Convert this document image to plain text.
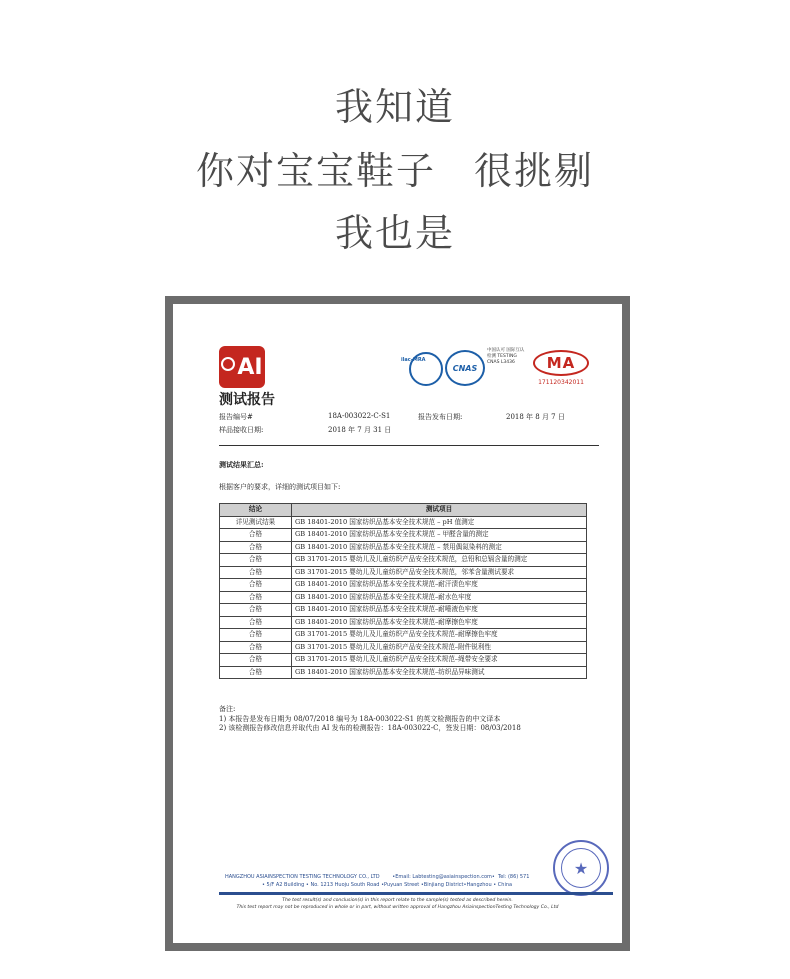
我知道
你对宝宝鞋子 很挑剔
我也是
AI
测试报告
ilac-MRA
CNAS
中国认可 国际互认 检测 TESTING CNAS L3436	MA
171120342011
报告编号#	18A-003022-C-S1	报告发布日期:	2018 年 8 月 7 日
样品接收日期:	2018 年 7 月 31 日
测试结果汇总:
根据客户的要求，详细的测试项目如下:
结论	测试项目
详见测试结果	GB 18401-2010 国家纺织品基本安全技术规范 – pH 值测定
合格	GB 18401-2010 国家纺织品基本安全技术规范 – 甲醛含量的测定
合格	GB 18401-2010 国家纺织品基本安全技术规范 – 禁用偶氮染料的测定
合格	GB 31701-2015 婴幼儿及儿童纺织产品安全技术规范，总铅和总镉含量的测定
合格	GB 31701-2015 婴幼儿及儿童纺织产品安全技术规范，邻苯含量测试要求
合格	GB 18401-2010 国家纺织品基本安全技术规范–耐汗渍色牢度
合格	GB 18401-2010 国家纺织品基本安全技术规范–耐水色牢度
合格	GB 18401-2010 国家纺织品基本安全技术规范–耐唾液色牢度
合格	GB 18401-2010 国家纺织品基本安全技术规范–耐摩擦色牢度
合格	GB 31701-2015 婴幼儿及儿童纺织产品安全技术规范–耐摩擦色牢度
合格	GB 31701-2015 婴幼儿及儿童纺织产品安全技术规范–附件锐利性
合格	GB 31701-2015 婴幼儿及儿童纺织产品安全技术规范–绳带安全要求
合格	GB 18401-2010 国家纺织品基本安全技术规范–纺织品异味测试
备注:
1) 本报告是发布日期为 08/07/2018 编号为 18A-003022-S1 的英文检测报告的中文译本
2) 该检测报告修改信息并取代由 AI 发布的检测报告：18A-003022-C，签发日期：08/03/2018
★
HANGZHOU ASIAINSPECTION TESTING TECHNOLOGY CO., LTD	•Email: Labtesting@asiainspection.com• Tel: (86) 571
• 5/F A2 Building • No. 1213 Huoju South Road •Puyuan Street •Binjiang District•Hangzhou • China
The test result(s) and conclusion(s) in this report relate to the sample(s) tested as described herein.
This test report may not be reproduced in whole or in part, without written approval of Hangzhou AsiainspectionTesting Technology Co., Ltd
